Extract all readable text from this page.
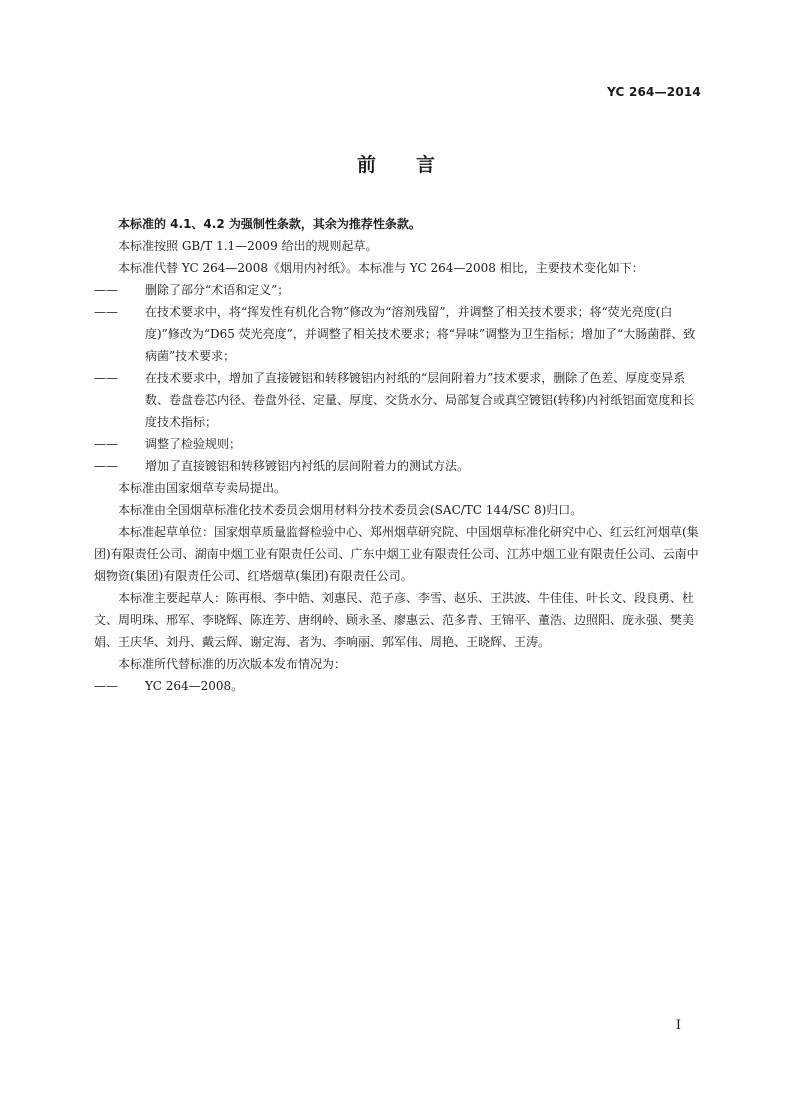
YC 264—2014
前 言

本标准的 4.1、4.2 为强制性条款，其余为推荐性条款。

本标准按照 GB/T 1.1—2009 给出的规则起草。

本标准代替 YC 264—2008《烟用内衬纸》。本标准与 YC 264—2008 相比，主要技术变化如下：

—— 删除了部分“术语和定义”；
—— 在技术要求中，将“挥发性有机化合物”修改为“溶剂残留”，并调整了相关技术要求；将“荧光亮度(白度)”修改为“D65 荧光亮度”，并调整了相关技术要求；将“异味”调整为卫生指标；增加了“大肠菌群、致病菌”技术要求；
—— 在技术要求中，增加了直接镀铝和转移镀铝内衬纸的“层间附着力”技术要求，删除了色差、厚度变异系数、卷盘卷芯内径、卷盘外径、定量、厚度、交货水分、局部复合或真空镀铝(转移)内衬纸铝面宽度和长度技术指标；
—— 调整了检验规则；
—— 增加了直接镀铝和转移镀铝内衬纸的层间附着力的测试方法。

本标准由国家烟草专卖局提出。

本标准由全国烟草标准化技术委员会烟用材料分技术委员会(SAC/TC 144/SC 8)归口。

本标准起草单位：国家烟草质量监督检验中心、郑州烟草研究院、中国烟草标准化研究中心、红云红河烟草(集团)有限责任公司、湖南中烟工业有限责任公司、广东中烟工业有限责任公司、江苏中烟工业有限责任公司、云南中烟物资(集团)有限责任公司、红塔烟草(集团)有限责任公司。

本标准主要起草人：陈再根、李中皓、刘惠民、范子彦、李雪、赵乐、王洪波、牛佳佳、叶长文、段良勇、杜文、周明珠、邢军、李晓辉、陈连芳、唐纲岭、顾永圣、廖惠云、范多青、王锦平、董浩、边照阳、庞永强、樊美娟、王庆华、刘丹、戴云辉、谢定海、者为、李响丽、郭军伟、周艳、王晓辉、王涛。

本标准所代替标准的历次版本发布情况为：

—— YC 264—2008。
I
